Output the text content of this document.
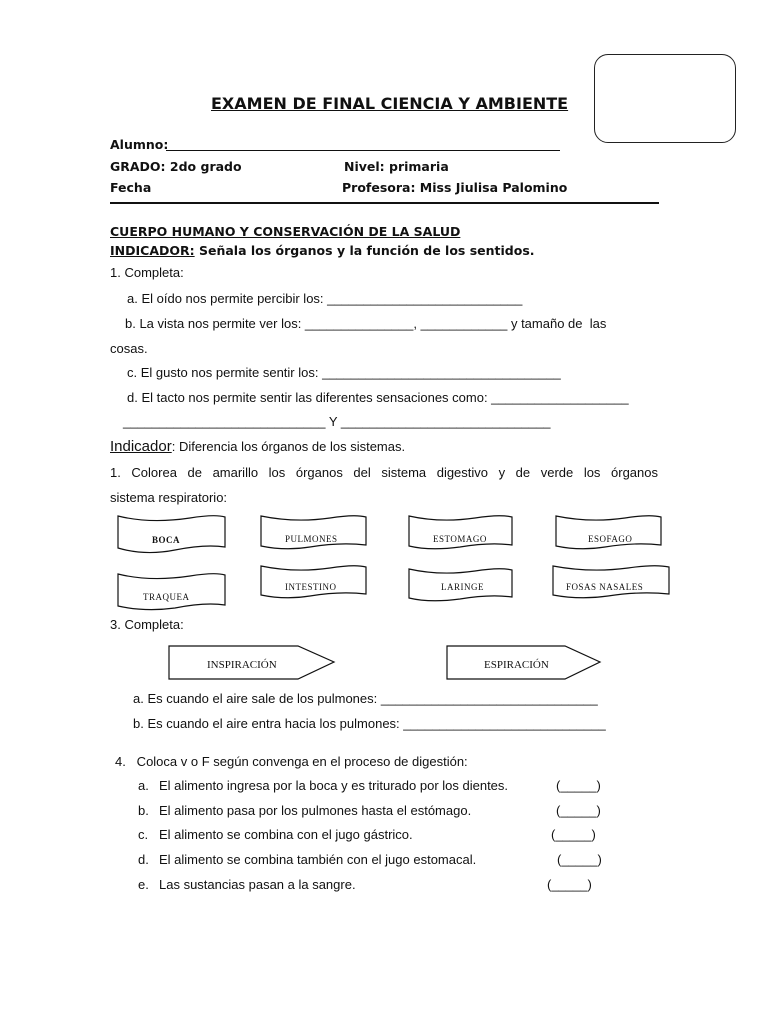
EXAMEN DE FINAL CIENCIA Y AMBIENTE
Alumno:
GRADO: 2do grado	Nivel: primaria
Fecha	Profesora: Miss Jiulisa Palomino
CUERPO HUMANO Y CONSERVACIÓN DE LA SALUD
INDICADOR: Señala los órganos y la función de los sentidos.
1. Completa:
a. El oído nos permite percibir los: ___________________________
b. La vista nos permite ver los: _______________, ____________ y tamaño de  las
cosas.
c. El gusto nos permite sentir los: _________________________________
d. El tacto nos permite sentir las diferentes sensaciones como: ___________________
____________________________ Y _____________________________
Indicador: Diferencia los órganos de los sistemas.
1. Colorea de amarillo los órganos del sistema digestivo y de verde los órganos
sistema respiratorio:
BOCA	PULMONES	ESTOMAGO	ESOFAGO
TRAQUEA
INTESTINO	LARINGE	FOSAS NASALES
3. Completa:
INSPIRACIÓN	ESPIRACIÓN
a. Es cuando el aire sale de los pulmones: ______________________________
b. Es cuando el aire entra hacia los pulmones: ____________________________
4.   Coloca v o F según convenga en el proceso de digestión:
a. El alimento ingresa por la boca y es triturado por los dientes.	(_____)
b. El alimento pasa por los pulmones hasta el estómago.	(_____)
c. El alimento se combina con el jugo gástrico.	(_____)
d. El alimento se combina también con el jugo estomacal.	(_____)
e. Las sustancias pasan a la sangre.	(_____)
